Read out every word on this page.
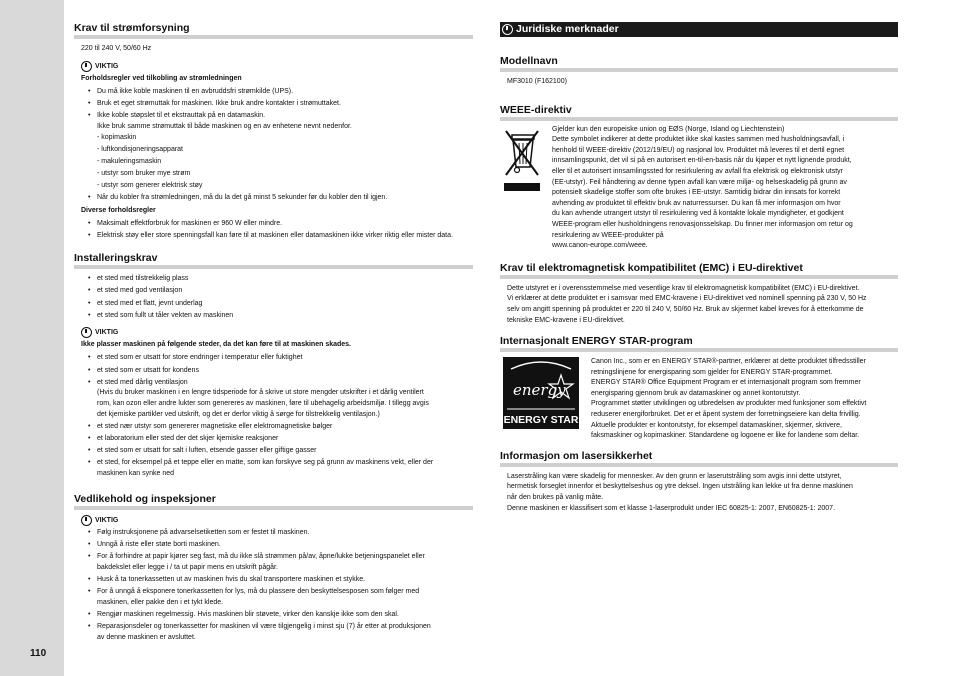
110
Krav til strømforsyning
220 til 240 V, 50/60 Hz
VIKTIG
Forholdsregler ved tilkobling av strømledningen
• Du må ikke koble maskinen til en avbruddsfri strømkilde (UPS).
• Bruk et eget strømuttak for maskinen. Ikke bruk andre kontakter i strømuttaket.
• Ikke koble støpslet til et ekstrauttak på en datamaskin.
Ikke bruk samme strømuttak til både maskinen og en av enhetene nevnt nedenfor.
- kopimaskin
- luftkondisjoneringsapparat
- makuleringsmaskin
- utstyr som bruker mye strøm
- utstyr som generer elektrisk støy
• Når du kobler fra strømledningen, må du la det gå minst 5 sekunder før du kobler den til igjen.
Diverse forholdsregler
• Maksimalt effektforbruk for maskinen er 960 W eller mindre.
• Elektrisk støy eller store spenningsfall kan føre til at maskinen eller datamaskinen ikke virker riktig eller mister data.
Installeringskrav
• et sted med tilstrekkelig plass
• et sted med god ventilasjon
• et sted med et flatt, jevnt underlag
• et sted som fullt ut tåler vekten av maskinen
VIKTIG
Ikke plasser maskinen på følgende steder, da det kan føre til at maskinen skades.
• et sted som er utsatt for store endringer i temperatur eller fuktighet
• et sted som er utsatt for kondens
• et sted med dårlig ventilasjon
(Hvis du bruker maskinen i en lengre tidsperiode for å skrive ut store mengder utskrifter i et dårlig ventilert
rom, kan ozon eller andre lukter som genereres av maskinen, føre til ubehagelig arbeidsmiljø. I tillegg avgis
det kjemiske partikler ved utskrift, og det er derfor viktig å sørge for tilstrekkelig ventilasjon.)
• et sted nær utstyr som genererer magnetiske eller elektromagnetiske bølger
• et laboratorium eller sted der det skjer kjemiske reaksjoner
• et sted som er utsatt for salt i luften, etsende gasser eller giftige gasser
• et sted, for eksempel på et teppe eller en matte, som kan forskyve seg på grunn av maskinens vekt, eller der
maskinen kan synke ned
Vedlikehold og inspeksjoner
VIKTIG
• Følg instruksjonene på advarselsetiketten som er festet til maskinen.
• Unngå å riste eller støte borti maskinen.
• For å forhindre at papir kjører seg fast, må du ikke slå strømmen på/av, åpne/lukke betjeningspanelet eller
bakdekslet eller legge i / ta ut papir mens en utskrift pågår.
• Husk å ta tonerkassetten ut av maskinen hvis du skal transportere maskinen et stykke.
• For å unngå å eksponere tonerkassetten for lys, må du plassere den beskyttelsesposen som følger med
maskinen, eller pakke den i et tykt klede.
• Rengjør maskinen regelmessig. Hvis maskinen blir støvete, virker den kanskje ikke som den skal.
• Reparasjonsdeler og tonerkassetter for maskinen vil være tilgjengelig i minst sju (7) år etter at produksjonen
av denne maskinen er avsluttet.
Juridiske merknader
Modellnavn
MF3010 (F162100)
WEEE-direktiv
Gjelder kun den europeiske union og EØS (Norge, Island og Liechtenstein)
Dette symbolet indikerer at dette produktet ikke skal kastes sammen med husholdningsavfall, i
henhold til WEEE-direktiv (2012/19/EU) og nasjonal lov. Produktet må leveres til et dertil egnet
innsamlingspunkt, det vil si på en autorisert en-til-en-basis når du kjøper et nytt lignende produkt,
eller til et autorisert innsamlingssted for resirkulering av avfall fra elektrisk og elektronisk utstyr
(EE-utstyr). Feil håndtering av denne typen avfall kan være miljø- og helseskadelig på grunn av
potensielt skadelige stoffer som ofte brukes i EE-utstyr. Samtidig bidrar din innsats for korrekt
avhending av produktet til effektiv bruk av naturressurser. Du kan få mer informasjon om hvor
du kan avhende utrangert utstyr til resirkulering ved å kontakte lokale myndigheter, et godkjent
WEEE-program eller husholdningens renovasjonsselskap. Du finner mer informasjon om retur og
resirkulering av WEEE-produkter på
www.canon-europe.com/weee.
Krav til elektromagnetisk kompatibilitet (EMC) i EU-direktivet
Dette utstyret er i overensstemmelse med vesentlige krav til elektromagnetisk kompatibilitet (EMC) i EU-direktivet.
Vi erklærer at dette produktet er i samsvar med EMC-kravene i EU-direktivet ved nominell spenning på 230 V, 50 Hz
selv om angitt spenning på produktet er 220 til 240 V, 50/60 Hz. Bruk av skjermet kabel kreves for å etterkomme de
tekniske EMC-kravene i EU-direktivet.
Internasjonalt ENERGY STAR-program
energy
ENERGY STAR
Canon Inc., som er en ENERGY STAR®-partner, erklærer at dette produktet tilfredsstiller
retningslinjene for energisparing som gjelder for ENERGY STAR-programmet.
ENERGY STAR® Office Equipment Program er et internasjonalt program som fremmer
energisparing gjennom bruk av datamaskiner og annet kontorutstyr.
Programmet støtter utviklingen og utbredelsen av produkter med funksjoner som effektivt
reduserer energiforbruket. Det er et åpent system der forretningseiere kan delta frivillig.
Aktuelle produkter er kontorutstyr, for eksempel datamaskiner, skjermer, skrivere,
faksmaskiner og kopimaskiner. Standardene og logoene er like for landene som deltar.
Informasjon om lasersikkerhet
Laserstråling kan være skadelig for mennesker. Av den grunn er laserutstråling som avgis inni dette utstyret,
hermetisk forseglet innenfor et beskyttelseshus og ytre deksel. Ingen utstråling kan lekke ut fra denne maskinen
når den brukes på vanlig måte.
Denne maskinen er klassifisert som et klasse 1-laserprodukt under IEC 60825-1: 2007, EN60825-1: 2007.
